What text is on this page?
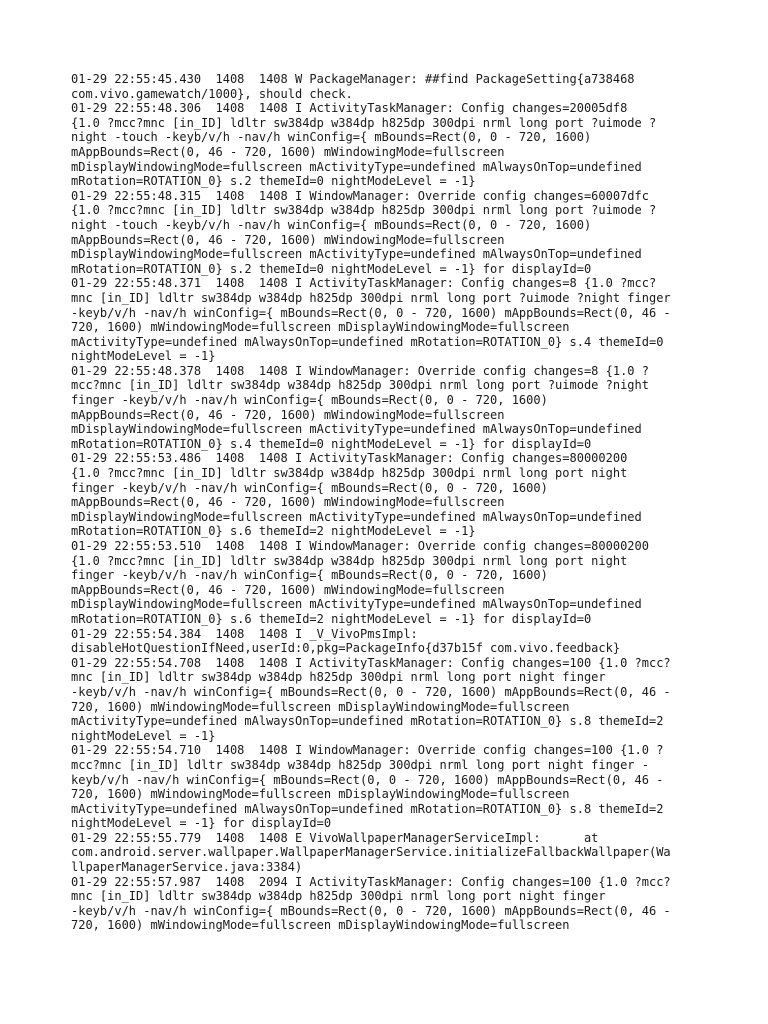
01-29 22:55:45.430  1408  1408 W PackageManager: ##find PackageSetting{a738468
com.vivo.gamewatch/1000}, should check.
01-29 22:55:48.306  1408  1408 I ActivityTaskManager: Config changes=20005df8
{1.0 ?mcc?mnc [in_ID] ldltr sw384dp w384dp h825dp 300dpi nrml long port ?uimode ?
night -touch -keyb/v/h -nav/h winConfig={ mBounds=Rect(0, 0 - 720, 1600)
mAppBounds=Rect(0, 46 - 720, 1600) mWindowingMode=fullscreen
mDisplayWindowingMode=fullscreen mActivityType=undefined mAlwaysOnTop=undefined
mRotation=ROTATION_0} s.2 themeId=0 nightModeLevel = -1}
01-29 22:55:48.315  1408  1408 I WindowManager: Override config changes=60007dfc
{1.0 ?mcc?mnc [in_ID] ldltr sw384dp w384dp h825dp 300dpi nrml long port ?uimode ?
night -touch -keyb/v/h -nav/h winConfig={ mBounds=Rect(0, 0 - 720, 1600)
mAppBounds=Rect(0, 46 - 720, 1600) mWindowingMode=fullscreen
mDisplayWindowingMode=fullscreen mActivityType=undefined mAlwaysOnTop=undefined
mRotation=ROTATION_0} s.2 themeId=0 nightModeLevel = -1} for displayId=0
01-29 22:55:48.371  1408  1408 I ActivityTaskManager: Config changes=8 {1.0 ?mcc?
mnc [in_ID] ldltr sw384dp w384dp h825dp 300dpi nrml long port ?uimode ?night finger
-keyb/v/h -nav/h winConfig={ mBounds=Rect(0, 0 - 720, 1600) mAppBounds=Rect(0, 46 -
720, 1600) mWindowingMode=fullscreen mDisplayWindowingMode=fullscreen
mActivityType=undefined mAlwaysOnTop=undefined mRotation=ROTATION_0} s.4 themeId=0
nightModeLevel = -1}
01-29 22:55:48.378  1408  1408 I WindowManager: Override config changes=8 {1.0 ?
mcc?mnc [in_ID] ldltr sw384dp w384dp h825dp 300dpi nrml long port ?uimode ?night
finger -keyb/v/h -nav/h winConfig={ mBounds=Rect(0, 0 - 720, 1600)
mAppBounds=Rect(0, 46 - 720, 1600) mWindowingMode=fullscreen
mDisplayWindowingMode=fullscreen mActivityType=undefined mAlwaysOnTop=undefined
mRotation=ROTATION_0} s.4 themeId=0 nightModeLevel = -1} for displayId=0
01-29 22:55:53.486  1408  1408 I ActivityTaskManager: Config changes=80000200
{1.0 ?mcc?mnc [in_ID] ldltr sw384dp w384dp h825dp 300dpi nrml long port night
finger -keyb/v/h -nav/h winConfig={ mBounds=Rect(0, 0 - 720, 1600)
mAppBounds=Rect(0, 46 - 720, 1600) mWindowingMode=fullscreen
mDisplayWindowingMode=fullscreen mActivityType=undefined mAlwaysOnTop=undefined
mRotation=ROTATION_0} s.6 themeId=2 nightModeLevel = -1}
01-29 22:55:53.510  1408  1408 I WindowManager: Override config changes=80000200
{1.0 ?mcc?mnc [in_ID] ldltr sw384dp w384dp h825dp 300dpi nrml long port night
finger -keyb/v/h -nav/h winConfig={ mBounds=Rect(0, 0 - 720, 1600)
mAppBounds=Rect(0, 46 - 720, 1600) mWindowingMode=fullscreen
mDisplayWindowingMode=fullscreen mActivityType=undefined mAlwaysOnTop=undefined
mRotation=ROTATION_0} s.6 themeId=2 nightModeLevel = -1} for displayId=0
01-29 22:55:54.384  1408  1408 I _V_VivoPmsImpl:
disableHotQuestionIfNeed,userId:0,pkg=PackageInfo{d37b15f com.vivo.feedback}
01-29 22:55:54.708  1408  1408 I ActivityTaskManager: Config changes=100 {1.0 ?mcc?
mnc [in_ID] ldltr sw384dp w384dp h825dp 300dpi nrml long port night finger
-keyb/v/h -nav/h winConfig={ mBounds=Rect(0, 0 - 720, 1600) mAppBounds=Rect(0, 46 -
720, 1600) mWindowingMode=fullscreen mDisplayWindowingMode=fullscreen
mActivityType=undefined mAlwaysOnTop=undefined mRotation=ROTATION_0} s.8 themeId=2
nightModeLevel = -1}
01-29 22:55:54.710  1408  1408 I WindowManager: Override config changes=100 {1.0 ?
mcc?mnc [in_ID] ldltr sw384dp w384dp h825dp 300dpi nrml long port night finger -
keyb/v/h -nav/h winConfig={ mBounds=Rect(0, 0 - 720, 1600) mAppBounds=Rect(0, 46 -
720, 1600) mWindowingMode=fullscreen mDisplayWindowingMode=fullscreen
mActivityType=undefined mAlwaysOnTop=undefined mRotation=ROTATION_0} s.8 themeId=2
nightModeLevel = -1} for displayId=0
01-29 22:55:55.779  1408  1408 E VivoWallpaperManagerServiceImpl:      at
com.android.server.wallpaper.WallpaperManagerService.initializeFallbackWallpaper(Wa
llpaperManagerService.java:3384)
01-29 22:55:57.987  1408  2094 I ActivityTaskManager: Config changes=100 {1.0 ?mcc?
mnc [in_ID] ldltr sw384dp w384dp h825dp 300dpi nrml long port night finger
-keyb/v/h -nav/h winConfig={ mBounds=Rect(0, 0 - 720, 1600) mAppBounds=Rect(0, 46 -
720, 1600) mWindowingMode=fullscreen mDisplayWindowingMode=fullscreen
